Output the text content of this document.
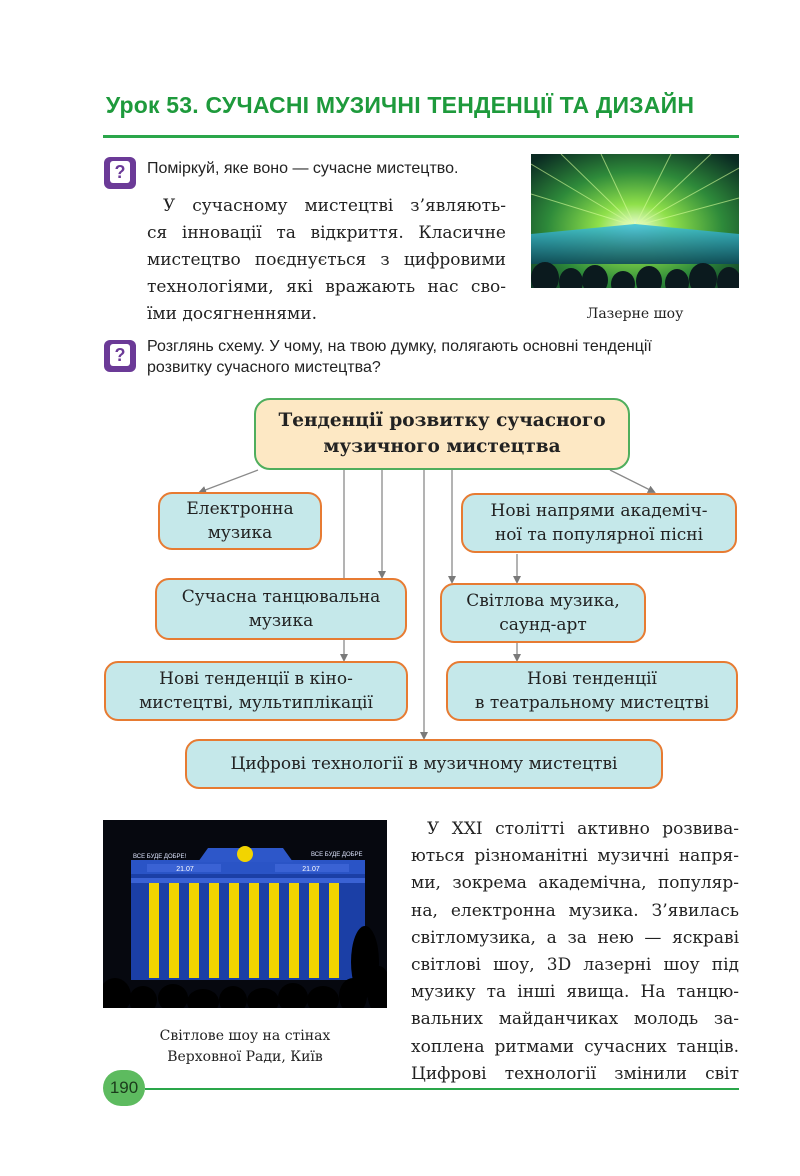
Урок 53. СУЧАСНІ МУЗИЧНІ ТЕНДЕНЦІЇ ТА ДИЗАЙН
? Поміркуй, яке воно — сучасне мистецтво.
У сучасному мистецтві з’являють-
ся інновації та відкриття. Класичне
мистецтво поєднується з цифровими
технологіями, які вражають нас сво-
їми досягненнями.	Лазерне шоу
? Розглянь схему. У чому, на твою думку, полягають основні тенденції
розвитку сучасного мистецтва?
Тенденції розвитку сучасного
музичного мистецтва
Електронна
музика
Нові напрями академіч-
ної та популярної пісні
Сучасна танцювальна
музика
Світлова музика,
саунд-арт
Нові тенденції в кіно-
мистецтві, мультиплікації
Нові тенденції
в театральному мистецтві
Цифрові технології в музичному мистецтві
21.07	21.07
ВСЕ БУДЕ ДОБРЕ!	ВСЕ БУДЕ ДОБРЕ
Світлове шоу на стінах
Верховної Ради, Київ
У XXI столітті активно розвива-
ються різноманітні музичні напря-
ми, зокрема академічна, популяр-
на, електронна музика. З’явилась
світломузика, а за нею — яскраві
світлові шоу, 3D лазерні шоу під
музику та інші явища. На танцю-
вальних майданчиках молодь за-
хоплена ритмами сучасних танців.
Цифрові технології змінили світ
190
